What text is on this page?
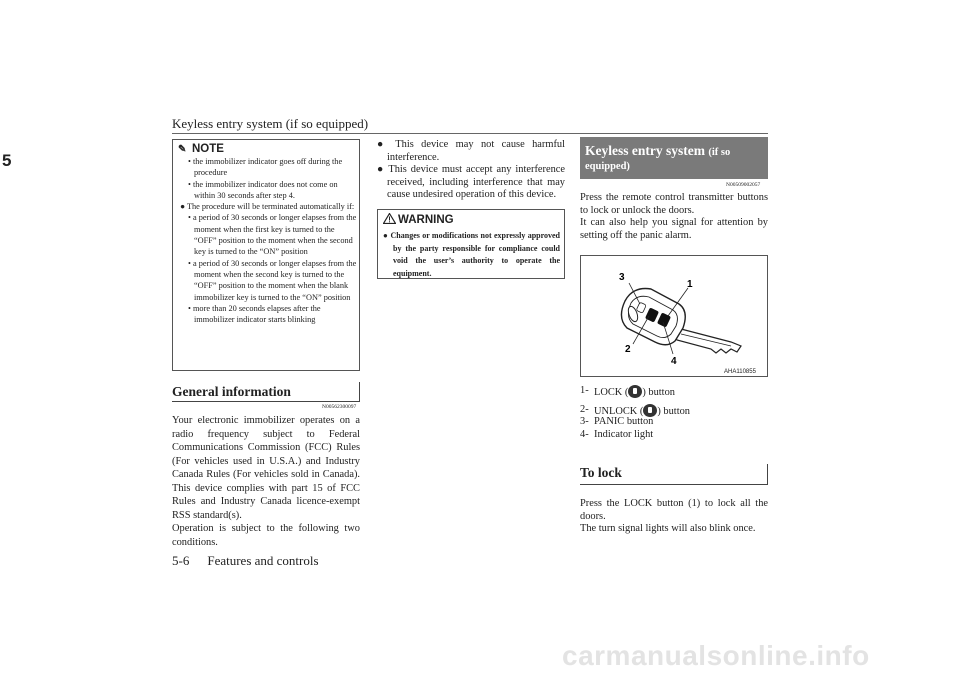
Keyless entry system (if so equipped)
5
✎ NOTE
• the immobilizer indicator goes off during the procedure
• the immobilizer indicator does not come on within 30 seconds after step 4.
● The procedure will be terminated automatically if:
• a period of 30 seconds or longer elapses from the moment when the first key is turned to the “OFF” position to the moment when the second key is turned to the “ON” position
• a period of 30 seconds or longer elapses from the moment when the second key is turned to the “OFF” position to the moment when the blank immobilizer key is turned to the “ON” position
• more than 20 seconds elapses after the immobilizer indicator starts blinking
General information
N00562300097
Your electronic immobilizer operates on a radio frequency subject to Federal Communications Commission (FCC) Rules (For vehicles used in U.S.A.) and Industry Canada Rules (For vehicles sold in Canada). This device complies with part 15 of FCC Rules and Industry Canada licence-exempt RSS standard(s).
Operation is subject to the following two conditions.
● This device may not cause harmful interference.
● This device must accept any interference received, including interference that may cause undesired operation of this device.
WARNING
● Changes or modifications not expressly approved by the party responsible for compliance could void the user’s authority to operate the equipment.
Keyless entry system (if so
equipped)
N00509002057
Press the remote control transmitter buttons to lock or unlock the doors.
It can also help you signal for attention by setting off the panic alarm.
3
1
2
4
AHA110855
1- LOCK ( ) button
2- UNLOCK ( ) button
3- PANIC button
4- Indicator light
To lock
Press the LOCK button (1) to lock all the doors.
The turn signal lights will also blink once.
5-6 Features and controls
carmanualsonline.info
